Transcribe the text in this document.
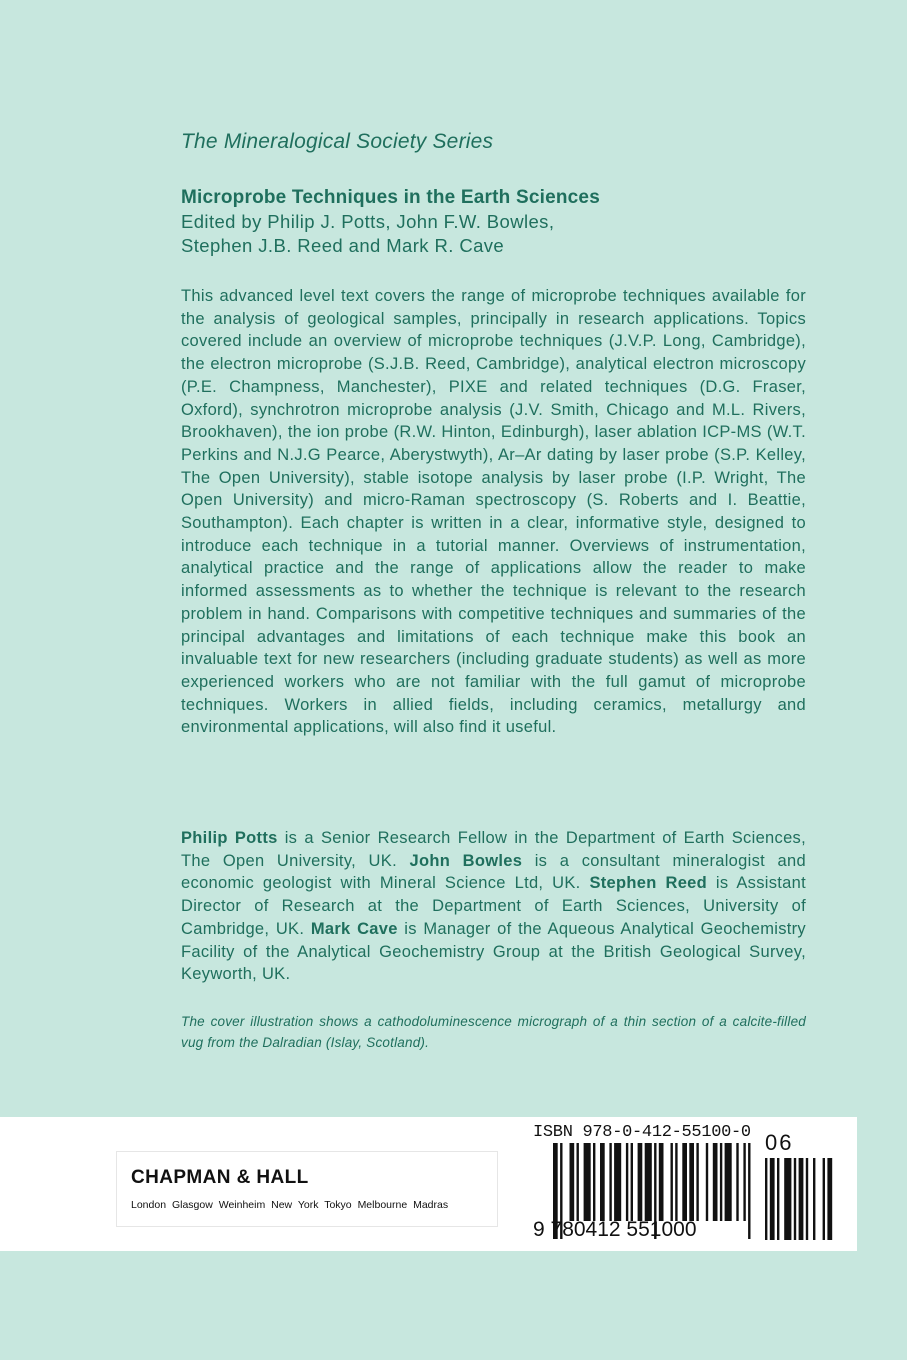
The Mineralogical Society Series
Microprobe Techniques in the Earth Sciences
Edited by Philip J. Potts, John F.W. Bowles,
Stephen J.B. Reed and Mark R. Cave
This advanced level text covers the range of microprobe techniques available for the analysis of geological samples, principally in research applications. Topics covered include an overview of microprobe techniques (J.V.P. Long, Cambridge), the electron microprobe (S.J.B. Reed, Cambridge), analytical electron microscopy (P.E. Champness, Manchester), PIXE and related techniques (D.G. Fraser, Oxford), synchrotron microprobe analysis (J.V. Smith, Chicago and M.L. Rivers, Brookhaven), the ion probe (R.W. Hinton, Edinburgh), laser ablation ICP-MS (W.T. Perkins and N.J.G Pearce, Aberystwyth), Ar–Ar dating by laser probe (S.P. Kelley, The Open University), stable isotope analysis by laser probe (I.P. Wright, The Open University) and micro-Raman spectroscopy (S. Roberts and I. Beattie, Southampton). Each chapter is written in a clear, informative style, designed to introduce each technique in a tutorial manner. Overviews of instrumentation, analytical practice and the range of applications allow the reader to make informed assessments as to whether the technique is relevant to the research problem in hand. Comparisons with competitive techniques and summaries of the principal advantages and limitations of each technique make this book an invaluable text for new researchers (including graduate students) as well as more experienced workers who are not familiar with the full gamut of microprobe techniques. Workers in allied fields, including ceramics, metallurgy and environmental applications, will also find it useful.
Philip Potts is a Senior Research Fellow in the Department of Earth Sciences, The Open University, UK. John Bowles is a consultant mineralogist and economic geologist with Mineral Science Ltd, UK. Stephen Reed is Assistant Director of Research at the Department of Earth Sciences, University of Cambridge, UK. Mark Cave is Manager of the Aqueous Analytical Geochemistry Facility of the Analytical Geochemistry Group at the British Geological Survey, Keyworth, UK.
The cover illustration shows a cathodoluminescence micrograph of a thin section of a calcite-filled vug from the Dalradian (Islay, Scotland).
CHAPMAN & HALL
London Glasgow Weinheim New York Tokyo Melbourne Madras
ISBN 978-0-412-55100-0
9 780412 551000
06
